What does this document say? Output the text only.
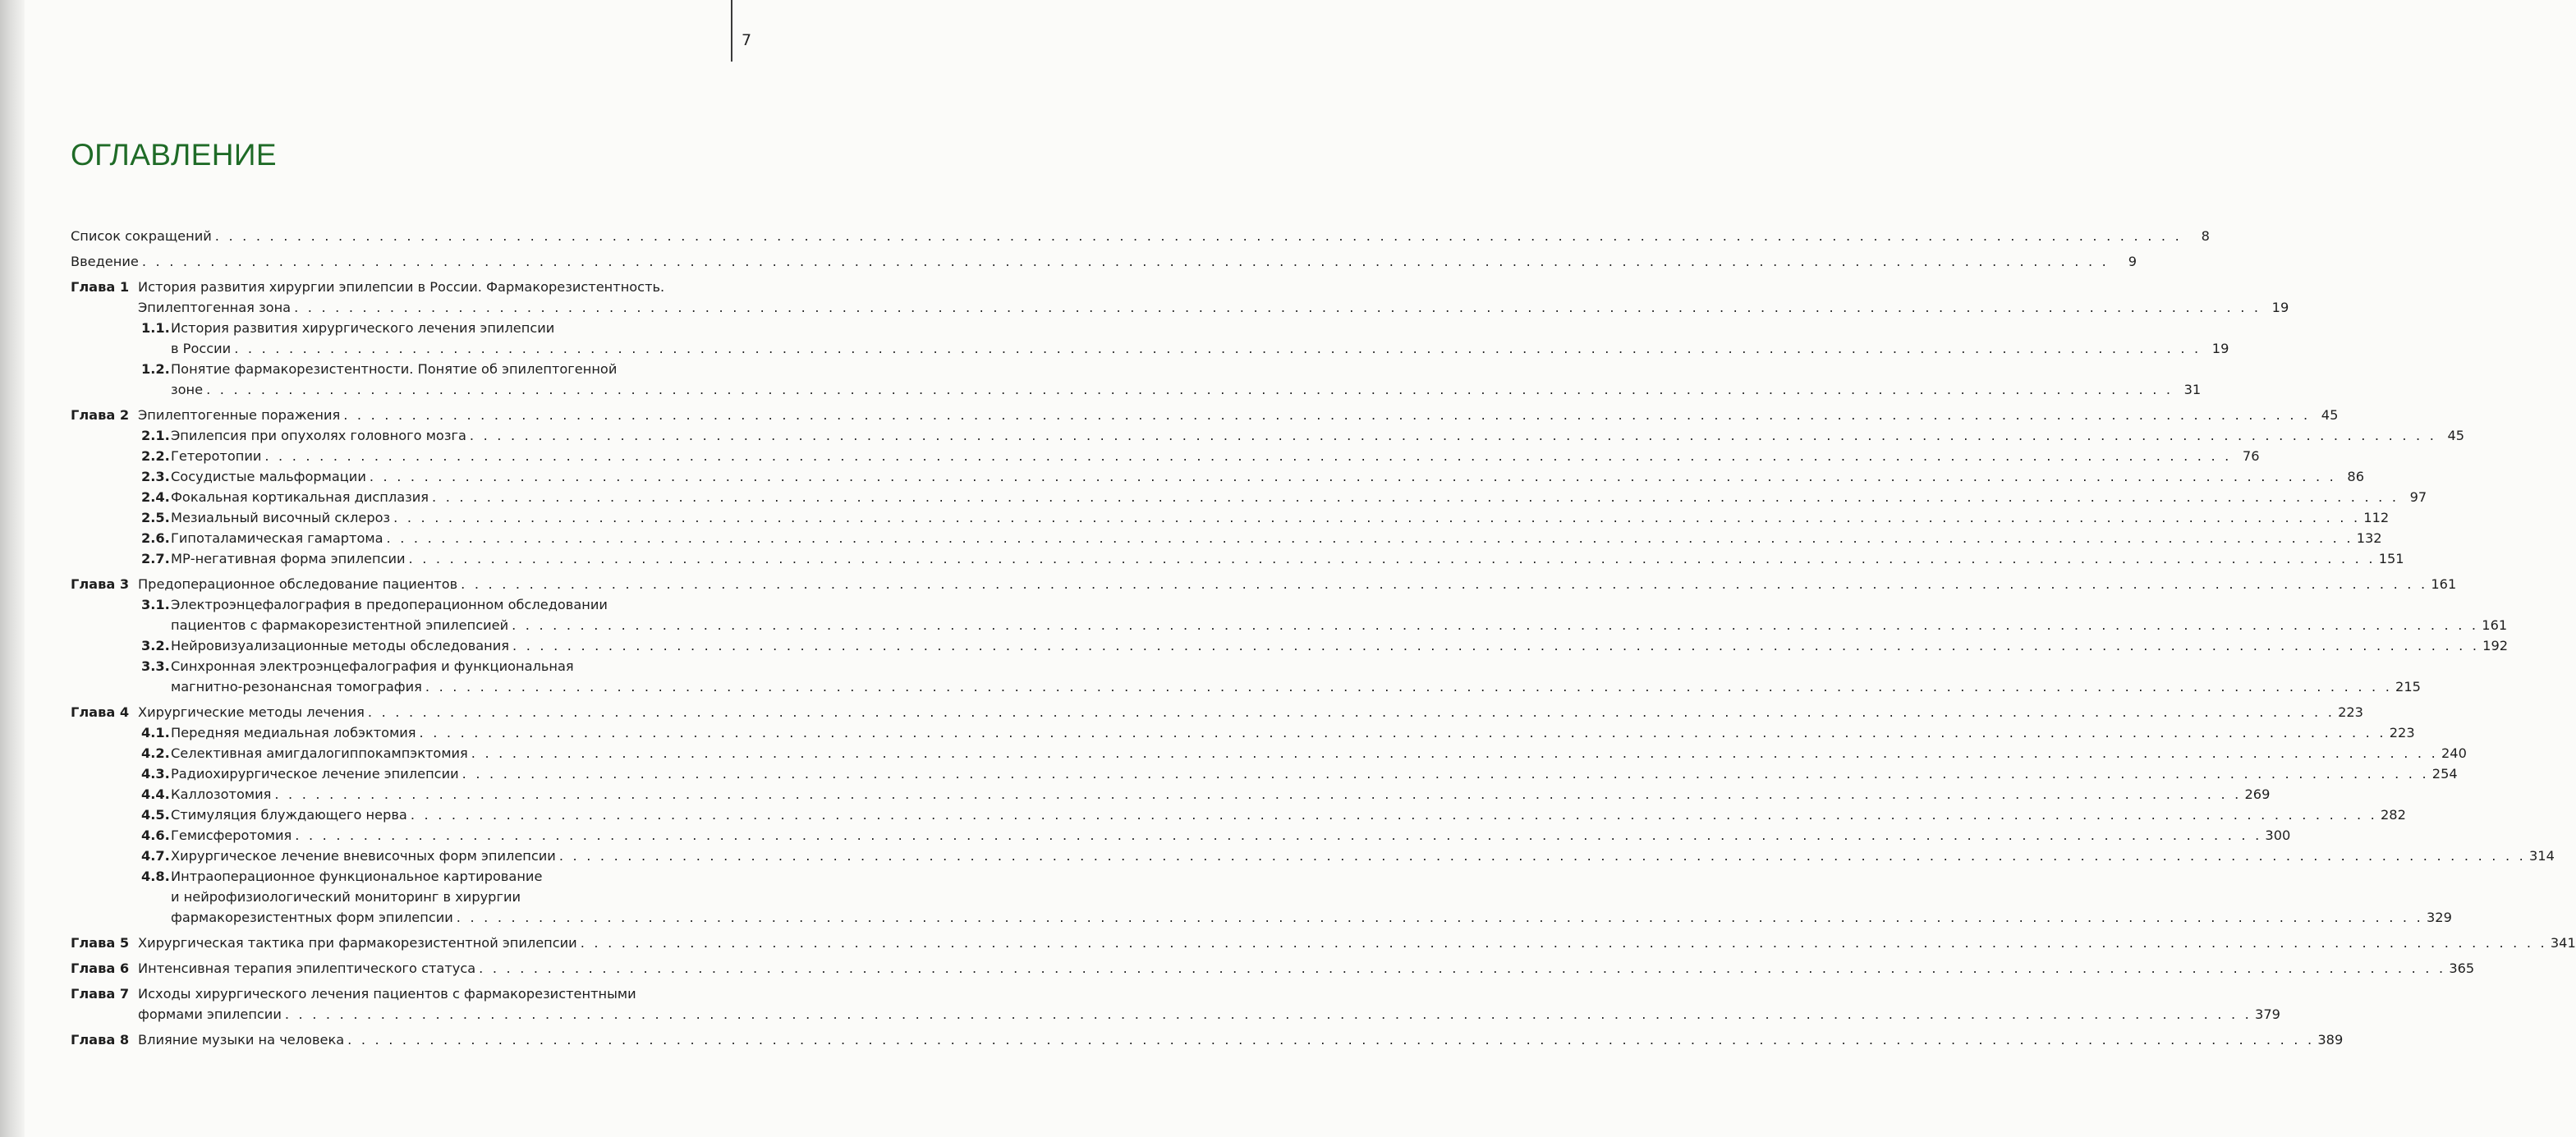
7
ОГЛАВЛЕНИЕ
Список сокращений . . .	8
Введение . . .	9
Глава 1 История развития хирургии эпилепсии в России. Фармакорезистентность.
Эпилептогенная зона . . .	19
1.1. История развития хирургического лечения эпилепсии
в России . . .	19
1.2. Понятие фармакорезистентности. Понятие об эпилептогенной
зоне . . .	31
Глава 2 Эпилептогенные поражения . . .	45
2.1. Эпилепсия при опухолях головного мозга . . .	45
2.2. Гетеротопии . . .	76
2.3. Сосудистые мальформации . . .	86
2.4. Фокальная кортикальная дисплазия . . .	97
2.5. Мезиальный височный склероз . . .	112
2.6. Гипоталамическая гамартома . . .	132
2.7. МР-негативная форма эпилепсии . . .	151
Глава 3 Предоперационное обследование пациентов . . .	161
3.1. Электроэнцефалография в предоперационном обследовании
пациентов с фармакорезистентной эпилепсией . . .	161
3.2. Нейровизуализационные методы обследования . . .	192
3.3. Синхронная электроэнцефалография и функциональная
магнитно-резонансная томография . . .	215
Глава 4 Хирургические методы лечения . . .	223
4.1. Передняя медиальная лобэктомия . . .	223
4.2. Селективная амигдалогиппокампэктомия . . .	240
4.3. Радиохирургическое лечение эпилепсии . . .	254
4.4. Каллозотомия . . .	269
4.5. Стимуляция блуждающего нерва . . .	282
4.6. Гемисферотомия . . .	300
4.7. Хирургическое лечение вневисочных форм эпилепсии . . .	314
4.8. Интраоперационное функциональное картирование
и нейрофизиологический мониторинг в хирургии
фармакорезистентных форм эпилепсии . . .	329
Глава 5 Хирургическая тактика при фармакорезистентной эпилепсии . . .	341
Глава 6 Интенсивная терапия эпилептического статуса . . .	365
Глава 7 Исходы хирургического лечения пациентов с фармакорезистентными
формами эпилепсии . . .	379
Глава 8 Влияние музыки на человека . . .	389
